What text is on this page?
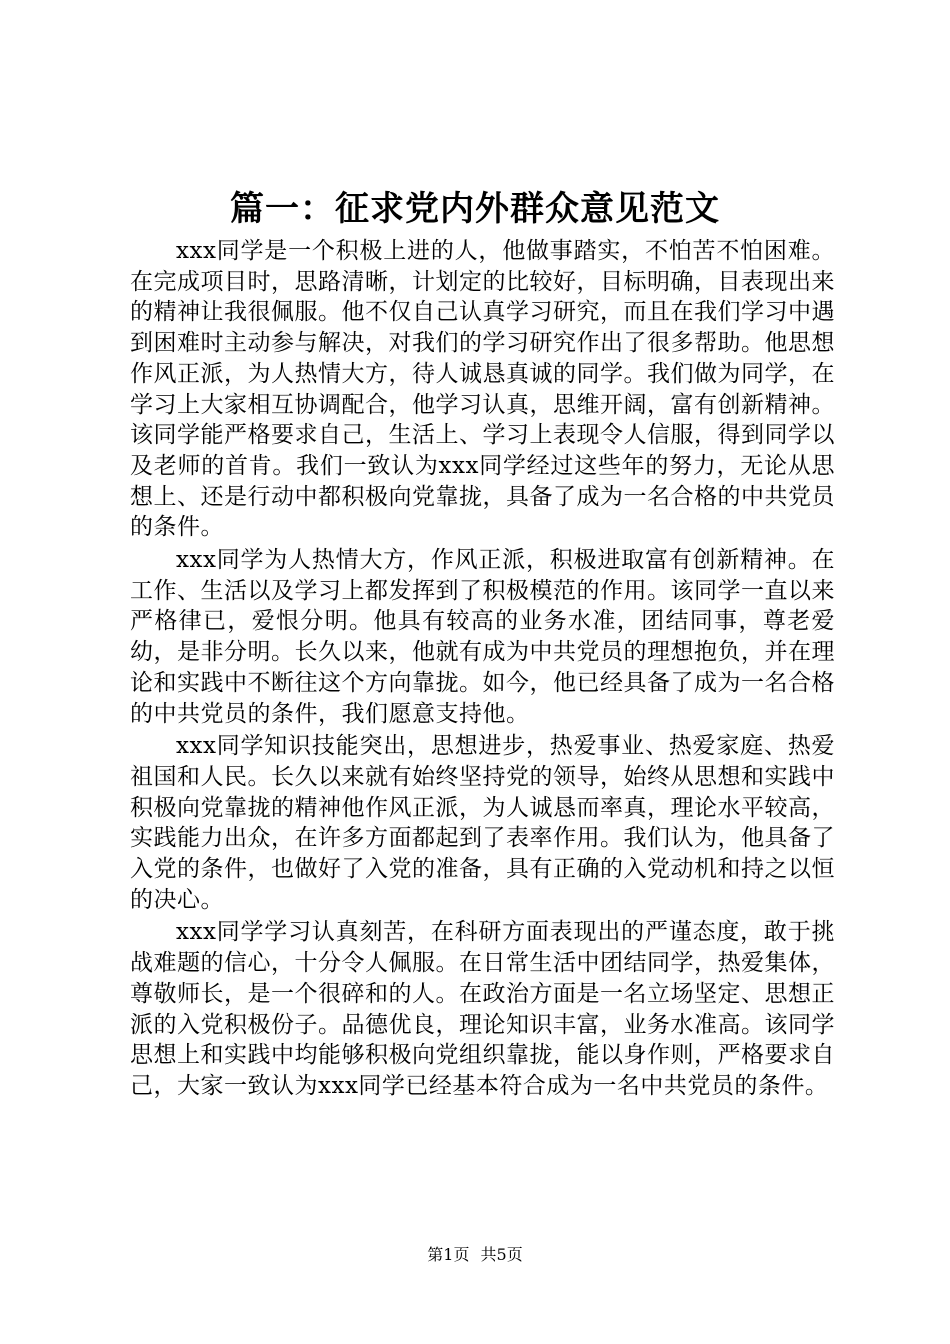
篇一：征求党内外群众意见范文

xxx同学是一个积极上进的人，他做事踏实，不怕苦不怕困难。在完成项目时，思路清晰，计划定的比较好，目标明确，目表现出来的精神让我很佩服。他不仅自己认真学习研究，而且在我们学习中遇到困难时主动参与解决，对我们的学习研究作出了很多帮助。他思想作风正派，为人热情大方，待人诚恳真诚的同学。我们做为同学，在学习上大家相互协调配合，他学习认真，思维开阔，富有创新精神。该同学能严格要求自己，生活上、学习上表现令人信服，得到同学以及老师的首肯。我们一致认为xxx同学经过这些年的努力，无论从思想上、还是行动中都积极向党靠拢，具备了成为一名合格的中共党员的条件。

xxx同学为人热情大方，作风正派，积极进取富有创新精神。在工作、生活以及学习上都发挥到了积极模范的作用。该同学一直以来严格律已，爱恨分明。他具有较高的业务水准，团结同事，尊老爱幼，是非分明。长久以来，他就有成为中共党员的理想抱负，并在理论和实践中不断往这个方向靠拢。如今，他已经具备了成为一名合格的中共党员的条件，我们愿意支持他。

xxx同学知识技能突出，思想进步，热爱事业、热爱家庭、热爱祖国和人民。长久以来就有始终坚持党的领导，始终从思想和实践中积极向党靠拢的精神他作风正派，为人诚恳而率真，理论水平较高，实践能力出众，在许多方面都起到了表率作用。我们认为，他具备了入党的条件，也做好了入党的准备，具有正确的入党动机和持之以恒的决心。

xxx同学学习认真刻苦，在科研方面表现出的严谨态度，敢于挑战难题的信心，十分令人佩服。在日常生活中团结同学，热爱集体，尊敬师长，是一个很碎和的人。在政治方面是一名立场坚定、思想正派的入党积极份子。品德优良，理论知识丰富，业务水准高。该同学思想上和实践中均能够积极向党组织靠拢，能以身作则，严格要求自己，大家一致认为xxx同学已经基本符合成为一名中共党员的条件。

第1页 共5页
